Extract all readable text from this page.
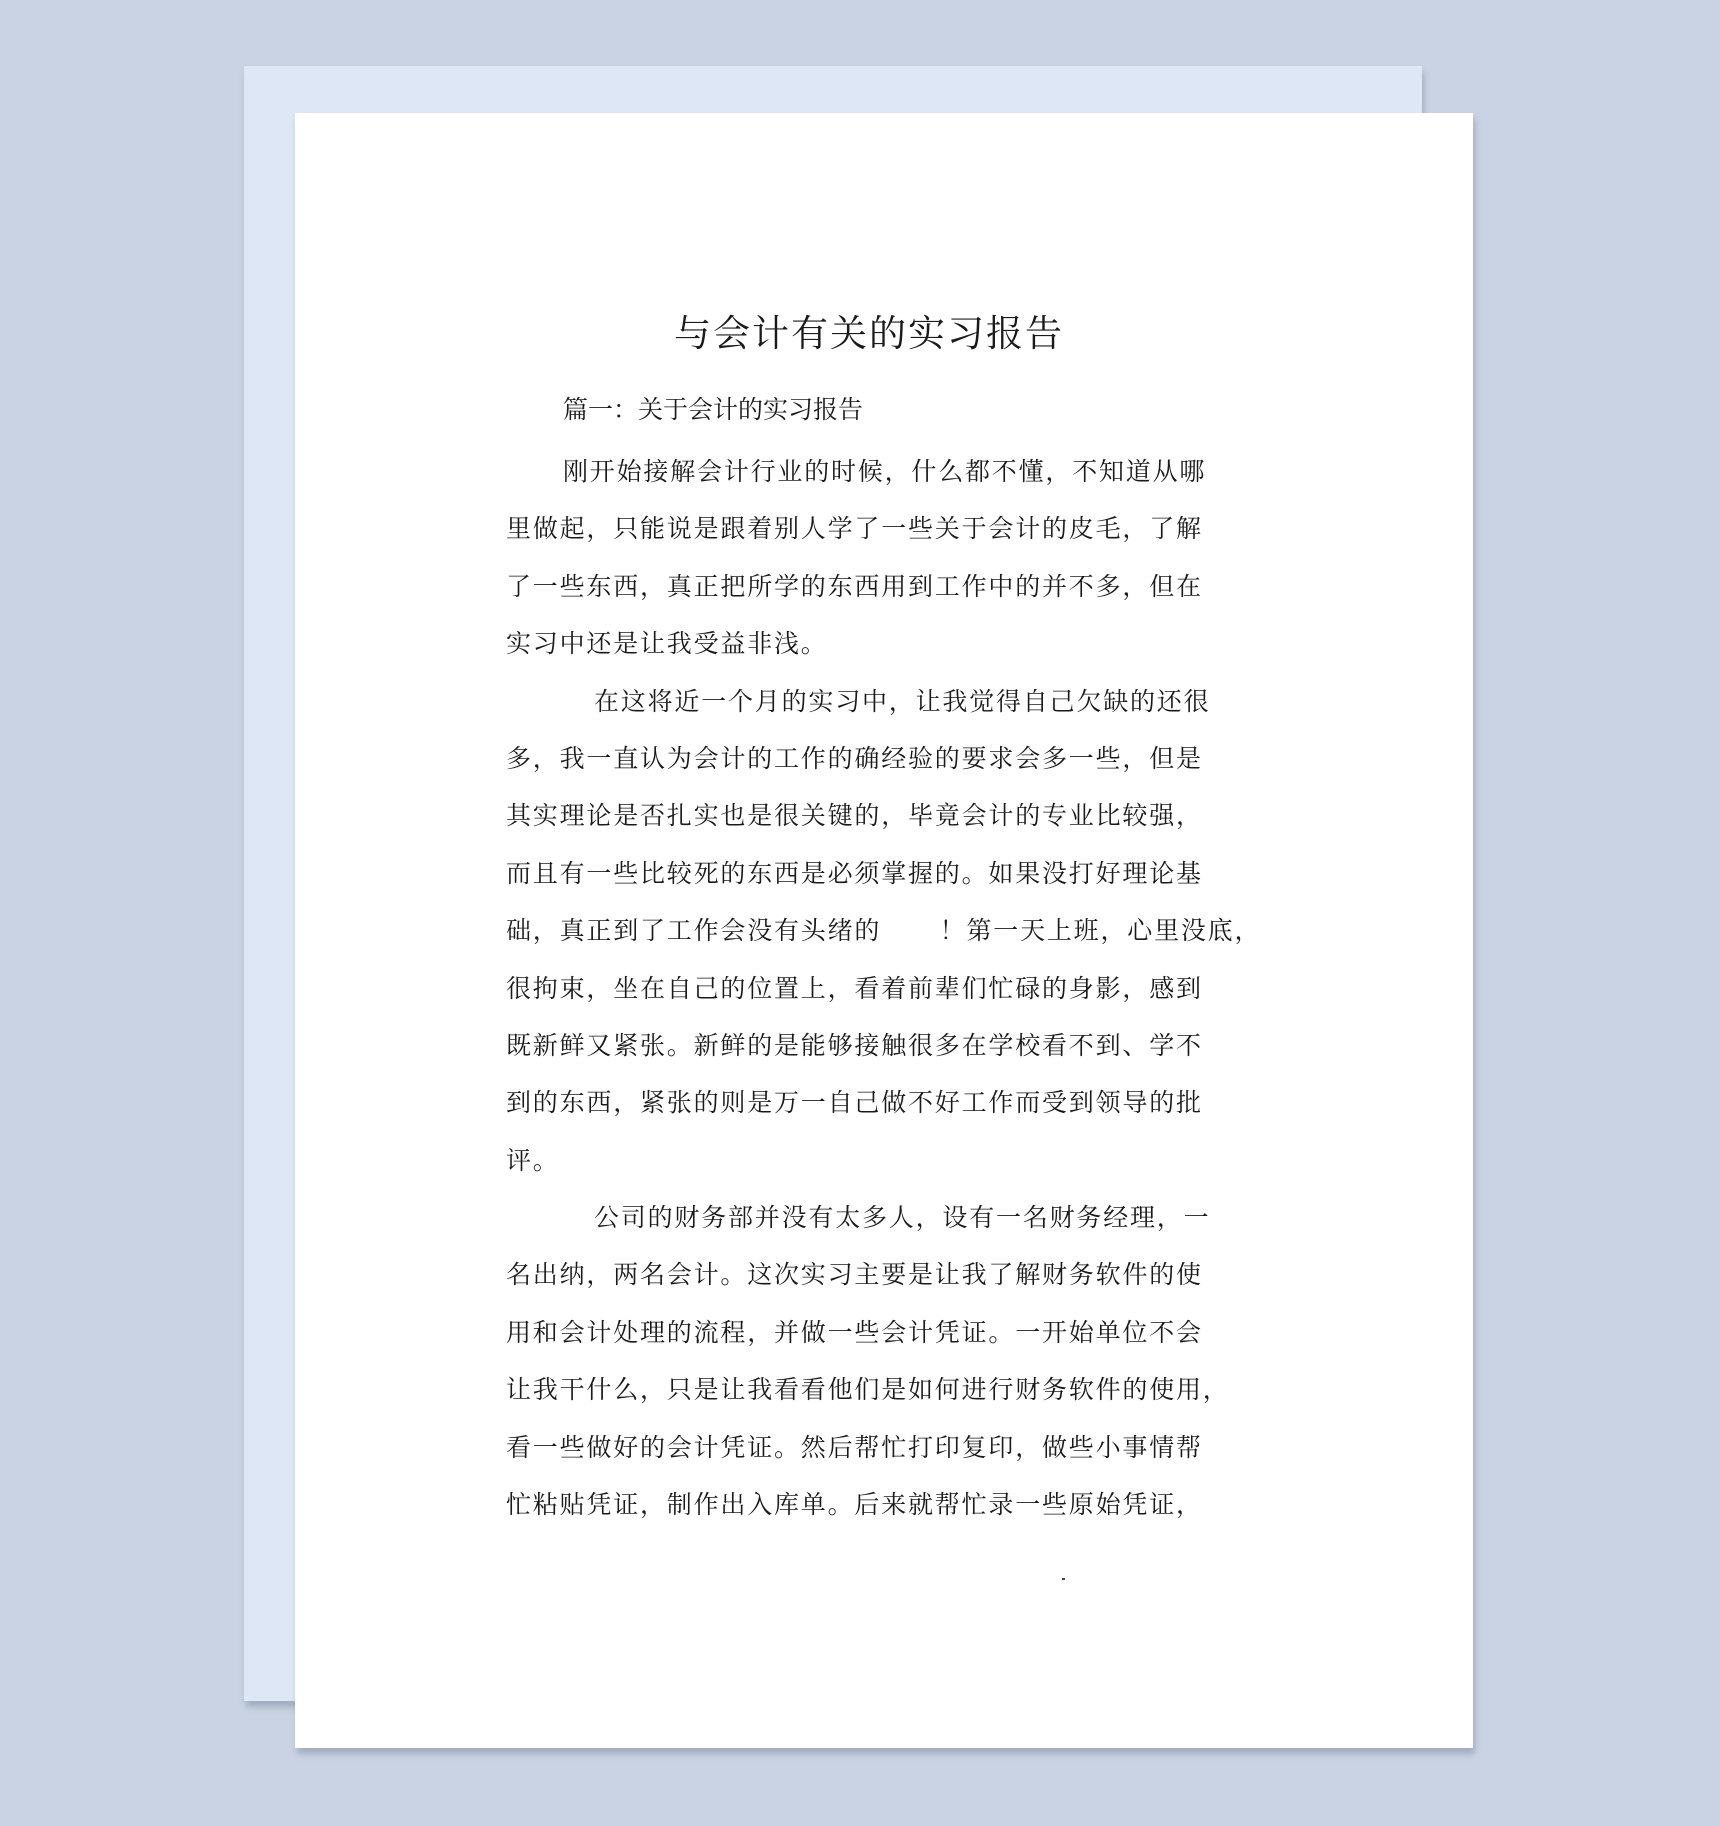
与会计有关的实习报告
篇一：关于会计的实习报告
刚开始接解会计行业的时候，什么都不懂，不知道从哪
里做起，只能说是跟着别人学了一些关于会计的皮毛，了解
了一些东西，真正把所学的东西用到工作中的并不多，但在
实习中还是让我受益非浅。
在这将近一个月的实习中，让我觉得自己欠缺的还很
多，我一直认为会计的工作的确经验的要求会多一些，但是
其实理论是否扎实也是很关键的，毕竟会计的专业比较强，
而且有一些比较死的东西是必须掌握的。如果没打好理论基
础，真正到了工作会没有头绪的      ！第一天上班，心里没底，
很拘束，坐在自己的位置上，看着前辈们忙碌的身影，感到
既新鲜又紧张。新鲜的是能够接触很多在学校看不到、学不
到的东西，紧张的则是万一自己做不好工作而受到领导的批
评。
公司的财务部并没有太多人，设有一名财务经理，一
名出纳，两名会计。这次实习主要是让我了解财务软件的使
用和会计处理的流程，并做一些会计凭证。一开始单位不会
让我干什么，只是让我看看他们是如何进行财务软件的使用，
看一些做好的会计凭证。然后帮忙打印复印，做些小事情帮
忙粘贴凭证，制作出入库单。后来就帮忙录一些原始凭证，
